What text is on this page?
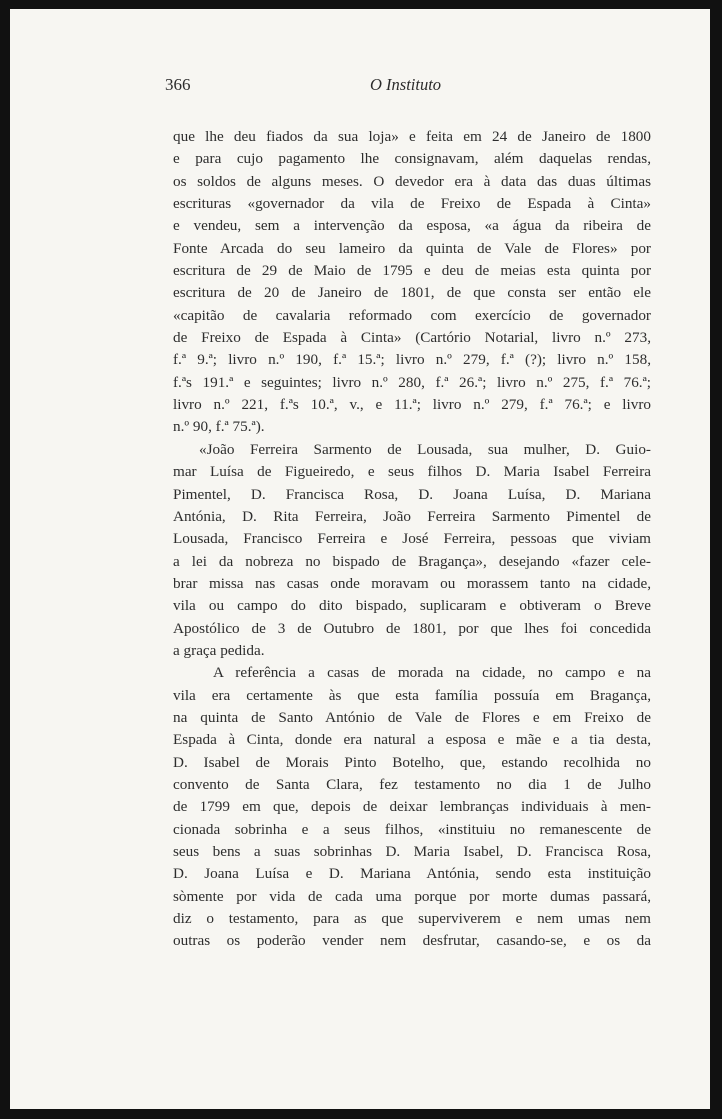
366	O Instituto
que lhe deu fiados da sua loja» e feita em 24 de Janeiro de 1800
e para cujo pagamento lhe consignavam, além daquelas rendas,
os soldos de alguns meses. O devedor era à data das duas últimas
escrituras «governador da vila de Freixo de Espada à Cinta»
e vendeu, sem a intervenção da esposa, «a água da ribeira de
Fonte Arcada do seu lameiro da quinta de Vale de Flores» por
escritura de 29 de Maio de 1795 e deu de meias esta quinta por
escritura de 20 de Janeiro de 1801, de que consta ser então ele
«capitão de cavalaria reformado com exercício de governador
de Freixo de Espada à Cinta» (Cartório Notarial, livro n.º 273,
f.ª 9.ª; livro n.º 190, f.ª 15.ª; livro n.º 279, f.ª (?); livro n.º 158,
f.ªs 191.ª e seguintes; livro n.º 280, f.ª 26.ª; livro n.º 275, f.ª 76.ª;
livro n.º 221, f.ªs 10.ª, v., e 11.ª; livro n.º 279, f.ª 76.ª; e livro
n.º 90, f.ª 75.ª).
«João Ferreira Sarmento de Lousada, sua mulher, D. Guio-
mar Luísa de Figueiredo, e seus filhos D. Maria Isabel Ferreira
Pimentel, D. Francisca Rosa, D. Joana Luísa, D. Mariana
Antónia, D. Rita Ferreira, João Ferreira Sarmento Pimentel de
Lousada, Francisco Ferreira e José Ferreira, pessoas que viviam
a lei da nobreza no bispado de Bragança», desejando «fazer cele-
brar missa nas casas onde moravam ou morassem tanto na cidade,
vila ou campo do dito bispado, suplicaram e obtiveram o Breve
Apostólico de 3 de Outubro de 1801, por que lhes foi concedida
a graça pedida.
A referência a casas de morada na cidade, no campo e na
vila era certamente às que esta família possuía em Bragança,
na quinta de Santo António de Vale de Flores e em Freixo de
Espada à Cinta, donde era natural a esposa e mãe e a tia desta,
D. Isabel de Morais Pinto Botelho, que, estando recolhida no
convento de Santa Clara, fez testamento no dia 1 de Julho
de 1799 em que, depois de deixar lembranças individuais à men-
cionada sobrinha e a seus filhos, «instituiu no remanescente de
seus bens a suas sobrinhas D. Maria Isabel, D. Francisca Rosa,
D. Joana Luísa e D. Mariana Antónia, sendo esta instituição
sòmente por vida de cada uma porque por morte dumas passará,
diz o testamento, para as que superviverem e nem umas nem
outras os poderão vender nem desfrutar, casando-se, e os da
